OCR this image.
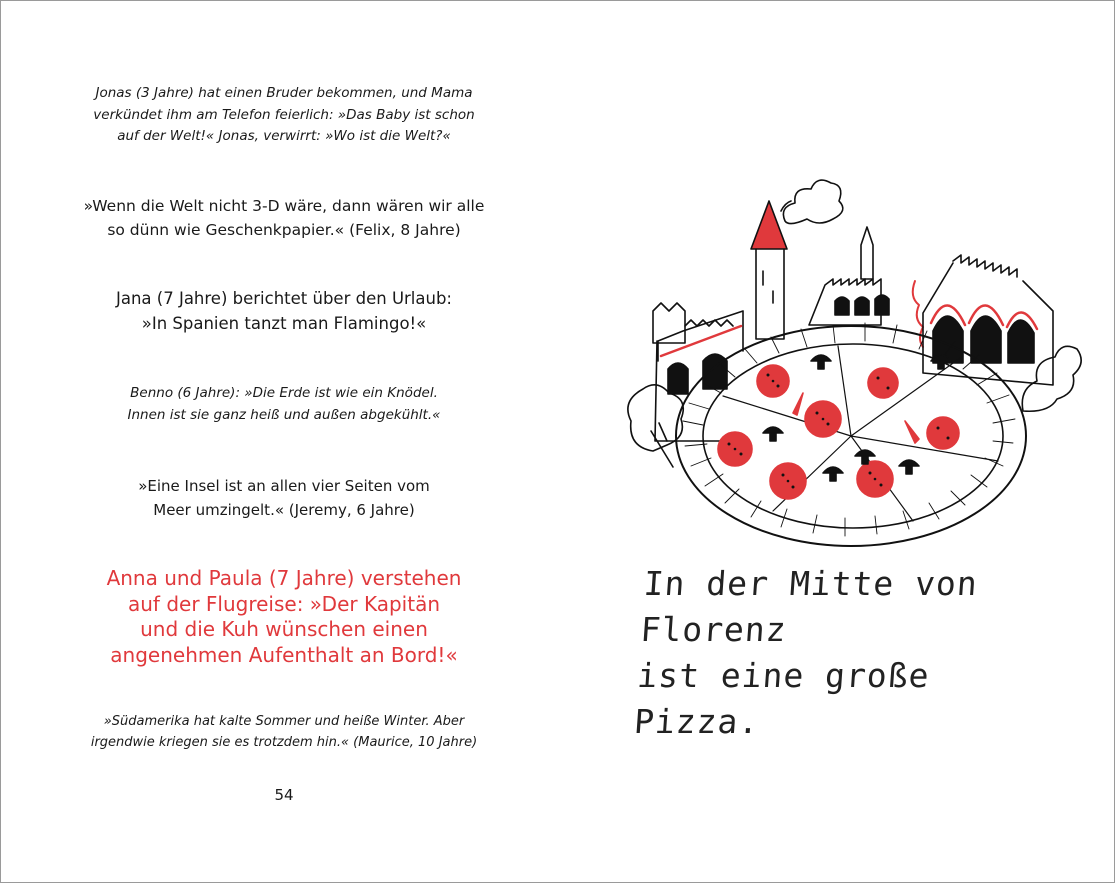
Jonas (3 Jahre) hat einen Bruder bekommen, und Mama
verkündet ihm am Telefon feierlich: »Das Baby ist schon
auf der Welt!« Jonas, verwirrt: »Wo ist die Welt?«

»Wenn die Welt nicht 3-D wäre, dann wären wir alle
so dünn wie Geschenkpapier.« (Felix, 8 Jahre)

Jana (7 Jahre) berichtet über den Urlaub:
»In Spanien tanzt man Flamingo!«

Benno (6 Jahre): »Die Erde ist wie ein Knödel.
Innen ist sie ganz heiß und außen abgekühlt.«

»Eine Insel ist an allen vier Seiten vom
Meer umzingelt.« (Jeremy, 6 Jahre)

Anna und Paula (7 Jahre) verstehen
auf der Flugreise: »Der Kapitän
und die Kuh wünschen einen
angenehmen Aufenthalt an Bord!«

»Südamerika hat kalte Sommer und heiße Winter. Aber
irgendwie kriegen sie es trotzdem hin.« (Maurice, 10 Jahre)

54
In der Mitte von Florenz
ist eine große Pizza.
